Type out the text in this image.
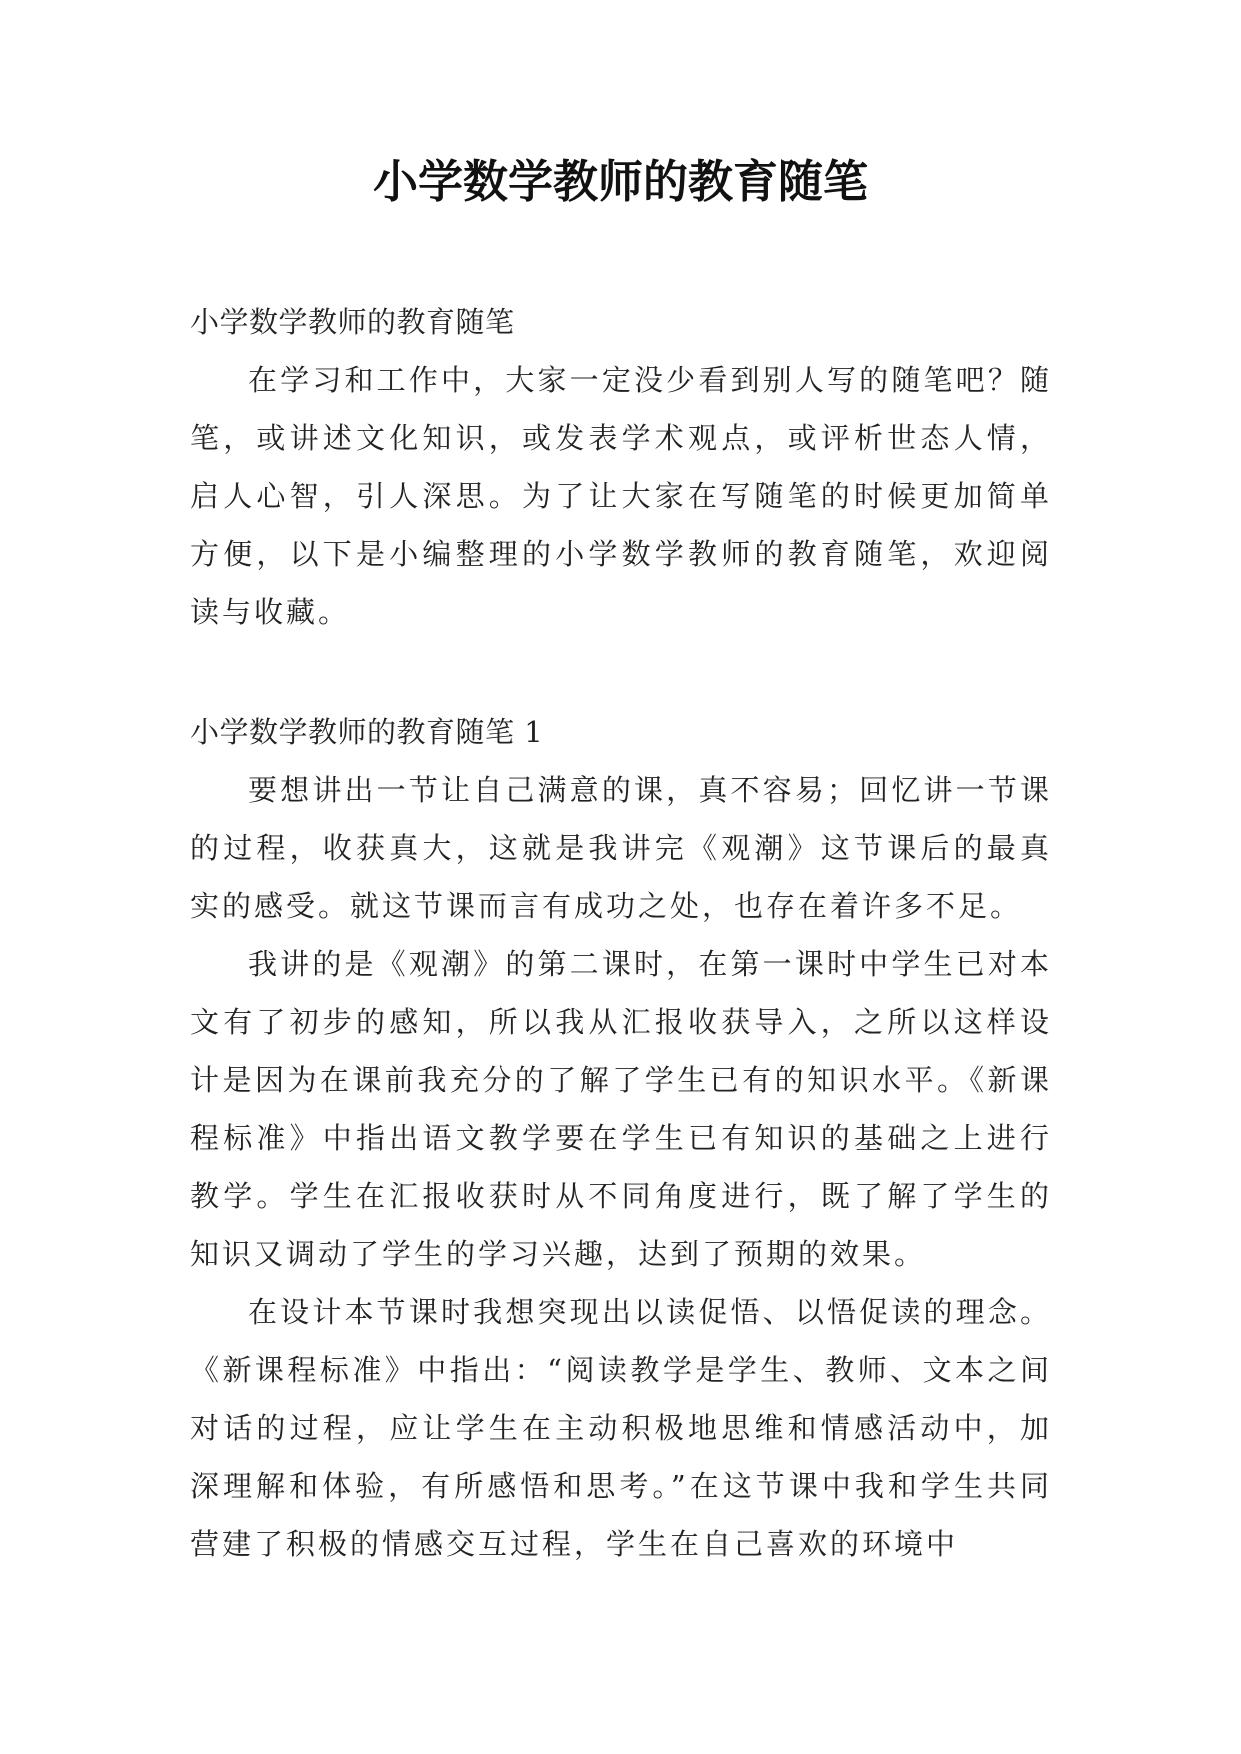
小学数学教师的教育随笔

小学数学教师的教育随笔

在学习和工作中，大家一定没少看到别人写的随笔吧？随笔，或讲述文化知识，或发表学术观点，或评析世态人情，启人心智，引人深思。为了让大家在写随笔的时候更加简单方便，以下是小编整理的小学数学教师的教育随笔，欢迎阅读与收藏。

小学数学教师的教育随笔 1

要想讲出一节让自己满意的课，真不容易；回忆讲一节课的过程，收获真大，这就是我讲完《观潮》这节课后的最真实的感受。就这节课而言有成功之处，也存在着许多不足。

我讲的是《观潮》的第二课时，在第一课时中学生已对本文有了初步的感知，所以我从汇报收获导入，之所以这样设计是因为在课前我充分的了解了学生已有的知识水平。《新课程标准》中指出语文教学要在学生已有知识的基础之上进行教学。学生在汇报收获时从不同角度进行，既了解了学生的知识又调动了学生的学习兴趣，达到了预期的效果。

在设计本节课时我想突现出以读促悟、以悟促读的理念。《新课程标准》中指出：“阅读教学是学生、教师、文本之间对话的过程，应让学生在主动积极地思维和情感活动中，加深理解和体验，有所感悟和思考。”在这节课中我和学生共同营建了积极的情感交互过程，学生在自己喜欢的环境中
